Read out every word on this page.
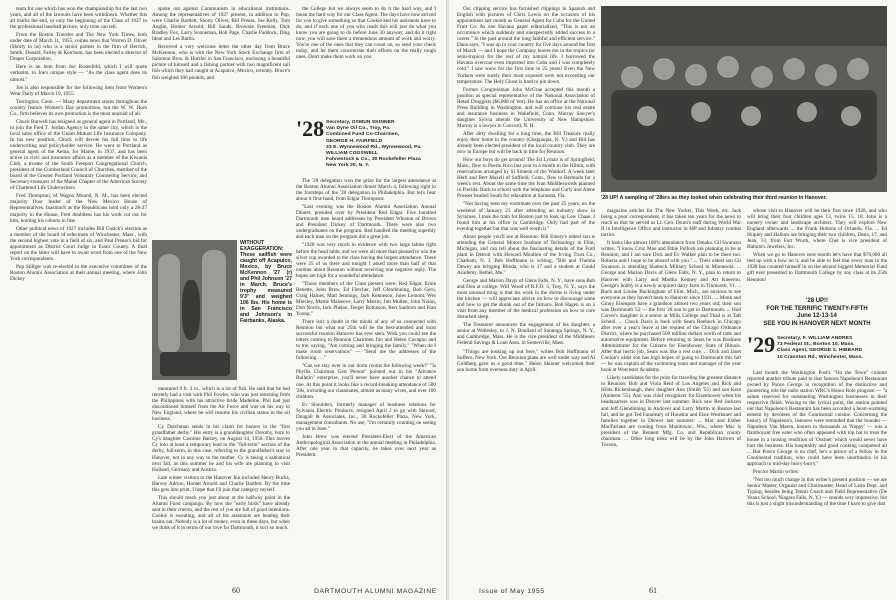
team for one which has won the championship for the last two years, and all of the lawsuits have been withdrawn. Whether this all marks the end, or only the beginning of the Class of 1927 in the professional baseball picture, only time can tell.

From the Boston Traveler and The New York Times, both under date of March 11, 1955, comes news that Warren D. Oliver (Shorty to us) who is a senior partner in the firm of Herrick, Smith, Donald, Farley & Ketchum, has been elected a director of Draper Corporation.

Here is an item from Joe Rosenfeld, which I will quote verbatim, in Joe's unique style — "As the class agent does its utmost."

Joe is also responsible for the following item from Women's Wear Daily of March 19, 1955:

Torrington, Conn. — Many department stores throughout the country feature Women's Day promotions, but the W. W. Horn Co., firm believes its own promotion is the most unusual of all.

Chuck Burwell has resigned as general agent in Portland, Me., to join the Fred T. Jordan Agency in the same city, which is the local sales office of the Union Mutual Life Insurance Company. In his new position, Chuck will devote his full time to life underwriting and policyholder service. He went to Portland as general agent of the Aetna, for Maine, in 1937, and has been active in civic and insurance affairs as a member of the Kiwanis Club, a trustee of the South Freeport Congregational Church, president of the Cumberland Council of Churches, member of the board of the Greater Portland Voluntary Counseling Service, and Secretary-treasurer of the Maine Chapter of the American Society of Chartered Life Underwriters.

Fred Thompson, of Wagon Mound, N. M., has been elected majority floor leader of the New Mexico House of Representatives. Inasmuch as the Republicans hold only a 28-27 majority in the House, Fred doubtless has his work cut out for him, holding his cohorts in line.

Other political news of 1927 includes Bill Cusick's election as a member of the board of selectmen of Winchester, Mass., with the second highest vote in a field of six, and Paul Preuss's bid for appointment as District Court Judge in Essex County. A final report on the latter will have to await word from one of the New York correspondents.

Pop Stillger was re-elected to the executive committee of the Boston Alumni Association at their annual meeting, where John Dickey

spoke out against Communism in educational institutions. Among the representatives of 1927 present, in addition to Pop, were Charlie Bartlett, Shorty Oliver, Bill Preuss, Joe Kelly, Tom Anglin, Homer Arnold, Bill Sands, Brownie Freeman, Dick Bradley Fox, Larry Sonneman, Bob Page, Charlie Paddock, Ding Ideal and Les Battin.

Received a very welcome letter the other day from Bruce McKennon, who is with the New York Stock Exchange firm of Salomon Bros. & Hutzler in San Francisco, enclosing a beautiful picture of himself and a fishing partner with two magnificent sail fish which they had caught at Acapulco, Mexico, recently. Bruce's fish weighed 106 pounds, and

WITHOUT EXAGGERATION: These sailfish were caught off Acapulco, Mexico, by Bruce McKennon '27 (r) and Phil Johnson '27 in March. Bruce's trophy measured 9'3" and weighed 106 lbs. His home is in San Francisco and Johnson's in Fairbanks, Alaska.

measured 9 ft. 3 in., which is a lot of fish. He said that he had recently had a visit with Phil Fowler, who was just returning from the Philippines with his attractive bride Madeline. Phil had just discontinued himself from the Air Force and was on his way to New England, where he will resume his civilian status in the oil business.

Cy Dutchman sends in his claim for honors in the "first grandfather derby." His entry is a granddaughter Dorothy, born to Cy's daughter Caroline Barney, on August 14, 1950. This moves Cy into at least a temporary lead in the "full-term" section of the derby, full-term, in this case, referring to the grandfather's stay in Hanover, not in any way to the mother. Cy is taking a sabbatical next fall, as this summer he and his wife are planning to visit Holland, Germany and Austria.

Late winter visitors to the Hanover Inn included Henry Bucks, Harvey Adrion, Homer Arnold and Charlie Bartlett. By the time this gets into print, I hope that I'll join that category myself.

This should reach you just about at the halfway point in the Alumni Fund campaign. By now the "early birds" have already sent in their checks, and the rest of you are full of good intentions. Cookie is sweating, and all of his assistants are beating their brains out. Nobody is a lot of money, even in these days, but when we think of it in terms of our love for Dartmouth, it isn't so much.

the College but we always seem to do it the hard way, and I mean the hard way for our Class Agent. The days have now arrived for you to give something so that Cookie and his assistants have to do, and if each one of you who reads this will just do what you know you are going to do before June 30 anyway, and do it right now, you will save them a tremendous amount of work and worry. You're one of the ones that they can count on, so send your check today, and let them concentrate their efforts on the really tough ones. Don't make them work on you.

'28 Secretary, OSMUN SKINNER
Van Dyne Oil Co., Troy, Pa.
Combined Fund Co-Chairmen,
GEORGE H. FAIRFIELD
33 E. Wynnewood Rd., Wynnewood, Pa.
WILLIAM COGSWELL
Fahnestock & Co., 30 Rockefeller Plaza
New York 20, N. Y.

The '28 delegation won the prize for the largest attendance at the Boston Alumni Association dinner March 4, following right in the footsteps of the '28 delegation in Philadelphia. But let's hear about it first-hand, from Edgar Thompson:

"Last evening was the Boston Alumni Association Annual Dinner, presided over by President Red Edgar. Five hundred Dartmouth men heard addresses by President Winston of Brown and President Dickey of Dartmouth. There were also two undergraduates on the program. Red handled the meeting superbly and each man on the program did a great job.

"1928 was very much in evidence with two large tables right before the head table, and we were all more than pleased to win the silver cup awarded to the class having the largest attendance. There were 25 of us there and tonight I asked more than half of that number about Reunion without receiving one negative reply. The hopes are high for a wonderful attendance.

"Those members of the Class present were: Red Edgar, Ernie Benette, John Brew, Ed Fletcher, Jeff Glendinning, Bob Gero, Craig Haines, Matt Jennings, Jack Kenneson, Jules Lemont, Wes Miecley, Mattie Malseeve, Larry Martin, Jim Mullen, John Nixon, Don Norris, Jack Phelan, Teeger Robinson, Bert Sanborn and Fran Young."

There isn't a doubt in the minds of any of us connected with Reunion but what our 25th will be the best-attended and most successful reunion Hanover has ever seen. Wish you could see the letters coming to Reunion Chairmen Jim and Helen Cavagno and to me, saying, "Am coming and bringing the family." "When do I make room reservations" — "Send me the addresses of the following . . ."

"Can we stay over in our dorm rooms the following week?" "Is Phyllis Chairman Gert Person" pointed out in his "Advance Bulletin" enterprise, you'll never have another chance to attend one. At this point it looks like a record-breaking attendance of 500 '28s, including our classmates, almost as many wives, and over 100 children.

Ev Shoulders, formerly manager of business relations for Sylvania Electric Products, resigned April 2 to go with Stewart, Dougall & Associates, Inc., 30 Rockefeller Plaza, New York, management consultants. No use, "I'm certainly counting on seeing you all in June."

John Brew was elected President-Elect of the American Anthropological Association at the annual meeting in Philadelphia. After one year in that capacity, he takes over next year as President.

60	DARTMOUTH ALUMNI MAGAZINE

Our clipping service has furnished clippings in Spanish and English with pictures of Chris Lewis on the occasion of his appointment last month as General Agent for Cuba for the United Fruit Co. As one Havana paper editorialized, "This is not an occurrence which suddenly and unexpectedly added success to a career." In the past around the long faithful and efficient service." Dana says, "I was up in your country for five days around the first of March — and I hope the Company leaves me in the tropics (or semi-tropics) for the rest of my natural life. I borrowed the Havana overcoat even imported into Cuba and I was completely cold." I saw snow for the first time in 25 years! Even the New Yorkers were surely their most exposed were not exceeding our temperature. The Holy Ghost is hard to pin down.

Former Congressman John McGrae accepted this month a position as special representative of the National Association of Retail Druggists ($6,000 of 'em). He has an office at the National Press Building in Washington, and will continue his real estate and insurance business in Wakefield, Conn. Murray Sawyer's daughter Sylvia attends the University of New Hampshire. Murray is a lawyer in Concord, N. H.

After dirty dwelling for a long time, the Bill Treasure really enjoy their home in the country (Chappaqua, N. Y.) and Bill has already been elected president of the local country club. They are now in Europe but will be back in time for Reunion.

How our boys do get around! The Ed Lyman is of Springfield, Mass., flew to Puerto Rico last year in a month in the Hilton, with reservations arranged by Si Simeon of the Waldorf. A week later Herb and Bert Maxell of Suffield, Conn., flew to Bermuda for a week's rest. About the same time the Ivan Middleswords planned in Florida. Back to school with the telephone and Curly and Alene Proseer headed South for relaxation at Sarasota, Fla.

"Not having seen my roommate over the past 25 years, on the weekend of January 23 after attending an industry show in Syracuse, I took the train for Boston just to look up Lew Chase. I found him at his office in Cambridge. Only had part of the evening together but that was well worth it."

About people you'll see at Reunion: Bill Emery's oldest son is attending the General Motors Institute of Technology in Flint, Michigan, and can tell about the fascinating details of the Ford plant in Detroit with Howard Moulton of the Irving Trust Co., Chatham, N. J. Bob Hoffmann is writing, "Bill and Thelma Dewey are bringing Rhoda, who is 17 and a student at Gould Academy, Bethel, Me."

George and Marion Davis of Glens Falls, N. Y., have sons Bob and Don at college. Wilf Wood of R.F.D. 3, Troy, N. Y., says the most unusual thing is that his work in the dorms is living under the kitchen — will appreciate advice on how to discourage same and how to get the skunk out of the furnace. Bob Hagen is on a visit from any member of the medical profession on how to cure disturbed sleep.

The Treasurer announces the engagement of his daughter, a senior at Wellesley, to J. N. Boullard of Saratoga Springs, N. Y., and Cambridge, Mass. He is the vice president of the Middlesex Federal Savings & Loan Assn. in Somerville, Mass.

"Things are looking up out here," writes Bob Hoffmann of Suffern, New York. Our Reunion plans are well under way and Al Goldberg gave us a good time." Helen Skinner welcomed their son home from overseas duty in April.

'28 UP! A sampling of '28ers as they looked when celebrating their third reunion in Hanover.

magazine articles for The New Yorker, This Week, etc. Jack being a poor correspondent, it has taken ten years for the news to reach us that he served as Lt. Gen. Drum's staff during World War II in Intelligence Office and instructor in MP and Infantry combat tactics.

It looks like almost 100% attendance from Omaha. Gil Swanson writes, "I know Cruz Moe and Ethie Pollock are planning to be at Reunion, and I am sure Dick and Ev Walker plan to be there too. Roberta and I hope to be aboard with you." ... Their oldest son Gil Swanson is attending Shattuck Military School in Minnesota. ... George and Marion Davis of Glens Falls, N. Y., plan to return to Hanover with Larry and Martha Kenney and Art Kneeron. George's hobby is a newly acquired dairy farm in Tinmouth, Vt. ... Buck and Louise Buckingham of Flint, Mich., are anxious to see everyone as they haven't been to Hanover since 1931. ... Monk and Ginny Eisenport have a grandson almost two years old; their son was Dartmouth '52 — the first '28 son to get to Dartmouth. ... Hod Carver's daughter is a senior at Mills College and Thad is at Taft School. ... Chuck Davis is back with Sears Roebuck in Chicago after over a year's leave at the request of the Chicago Ordnance District, where he purchased 500 million dollars worth of tank and automotive equipment. Before returning to Sears he was Business Administrator for the Citizens for Eisenhower, State of Illinois. After that hectic job, Sears was like a rest cure. ... Dick and Janet Conlon's older son has high hopes of going to Dartmouth this fall — he was captain of the swimming team and manager of the year book at Worcester Academy.

Likely candidates for the prize for traveling the greatest distance to Reunion: Bob and Viola Reid of Los Angeles and Rick and Hilda Rickenbaugh, their daughter Ann (Smith '55) and son Kent (Amherst '55). Ann was chief recognizer for Eisenhower when his headquarters was in Denver last summer. Rick saw Red Jackson and Jeff Glendinning in Andover and Larry Martin in Boston last fall, and he got Ted Fauoleary of Houston and Elsie Westbauer and families together in Denver last summer. ... Mac and Esther MacFarlane are coming from Manitowoc, Wis., where Mac is president of the Rennert Mfg. Co. and Republican county chairman. ... Other long treks will be by the John Harlows of Tucson,

whose visit to Hanover will be their first since 1928, and who will bring their four children ages 13, twins 15, 18. John is a nursery owner and landscape architect. They will explore New England afterwards ... the Frank Huttons of Orlando, Fla. ... Ed Shipley and Hallum are bringing their two children, Dena, 17, and Jean, 13, from Fort Worth, where Chet is vice president of Haltom's Jewelers, Inc.

When we go to Hanover next month let's have that $70,000 all tied up with a bow on it, and be able to feel that every man in the 1928 has counted himself in on the second biggest Memorial Fund gift ever presented to Dartmouth College by any class at its 25th Reunion!

'28 UP!!
FOR THE TERRIFIC TWENTY-FIFTH
June 12-13-14
SEE YOU IN HANOVER NEXT MONTH
'29 Secretary, F. WILLIAM ANDRES
73 Federal St., Boston 10, Mass.
Class Agent, GEORGE S. HIBBARD
10 Cranston Rd., Winchester, Mass.

Last month the Washington Post's "On the Town" column reported another tribute paid to that famous Napoleon's Restaurant owned by Ponce George in recognition of the distinctive and pioneering role the radio station WRC's Honor Role program — "a salute reserved for outstanding Washington businesses in their respective fields. Waxing to the lyrical point, the station pointed out that Napoleon's Restaurant has been accorded a heart-warming esteem by devotees of the Continental cuisine. Concerning the history of Napoleon's, listeners were reminded that the founder — Napoleon Van Maren, known to thousands as 'Nappy' — was a flamboyant free eater who often appeared with top hat to treat the house in a rousing rendition of 'Ossinet' which would never have hurt the business. His hospitality and good cooking conquered all ... But Ponce George is no chef, he's a prince of a fellow in the Continental tradition, who could have been unorthodox in his approach to mid-day hurry-burry."

Proctor Martin writes:

"Not too much change in this writer's present position — we are Senior Master, Organist and Choirmaster, Head of Latin Dept. and Typing, besides being Tennis Coach and Field Representative (De Veaux School, Niagara Falls, N. Y.) — sounds very impressive, but this is just a slight misunderstanding of the time I have to give that

Issue of May 1955	61
